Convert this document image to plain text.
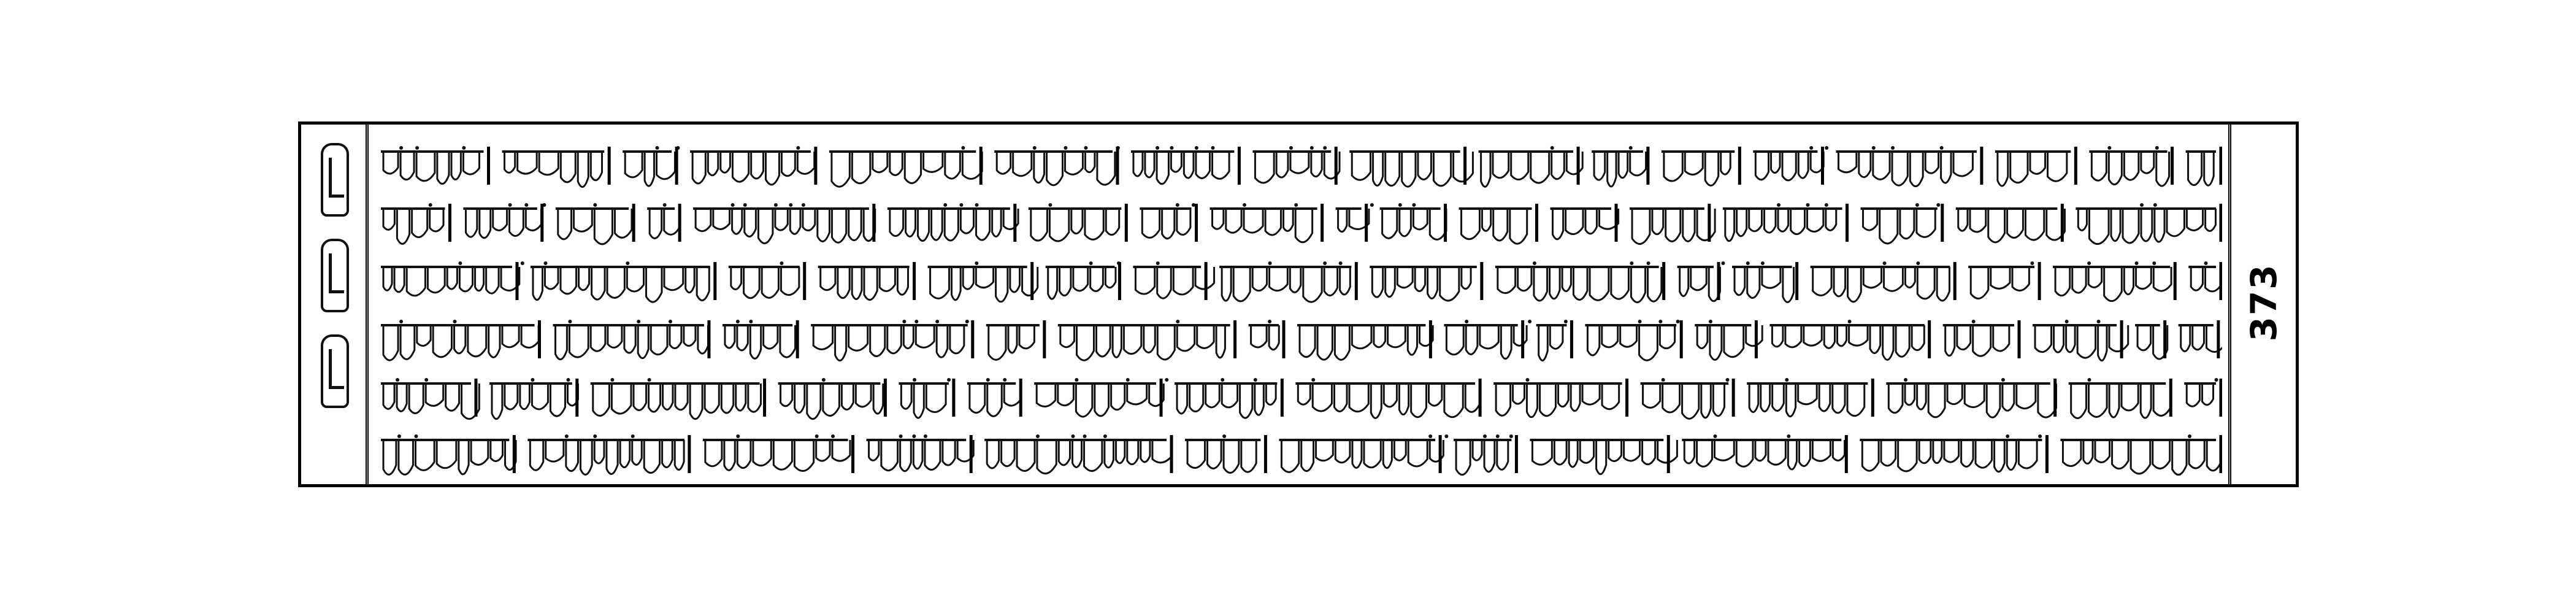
373
